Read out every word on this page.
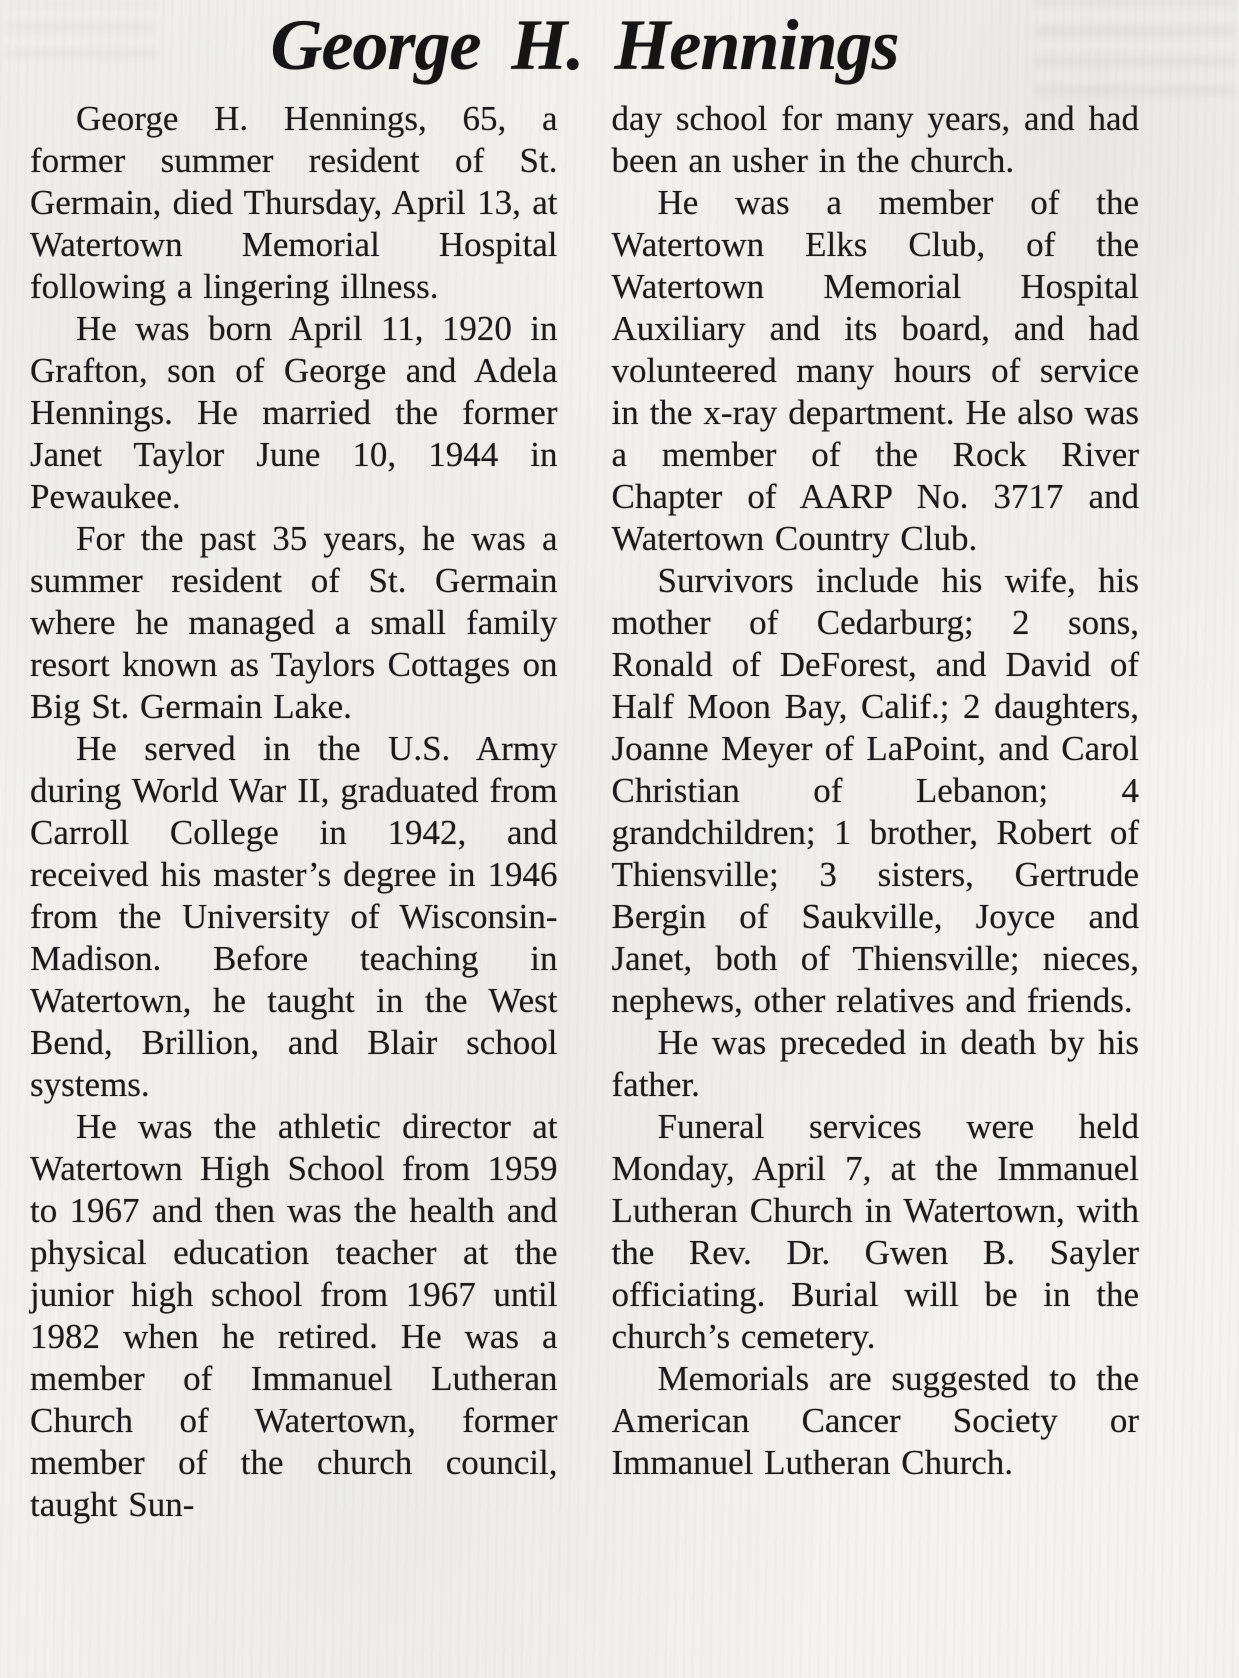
George H. Hennings

George H. Hennings, 65, a former summer resident of St. Germain, died Thursday, April 13, at Watertown Memorial Hospital following a lingering illness.

He was born April 11, 1920 in Grafton, son of George and Adela Hennings. He married the former Janet Taylor June 10, 1944 in Pewaukee.

For the past 35 years, he was a summer resident of St. Germain where he managed a small family resort known as Taylors Cottages on Big St. Germain Lake.

He served in the U.S. Army during World War II, graduated from Carroll College in 1942, and received his master’s degree in 1946 from the University of Wisconsin-Madison. Before teaching in Watertown, he taught in the West Bend, Brillion, and Blair school systems.

He was the athletic director at Watertown High School from 1959 to 1967 and then was the health and physical education teacher at the junior high school from 1967 until 1982 when he retired. He was a member of Immanuel Lutheran Church of Watertown, former member of the church council, taught Sun-

day school for many years, and had been an usher in the church.

He was a member of the Watertown Elks Club, of the Watertown Memorial Hospital Auxiliary and its board, and had volunteered many hours of service in the x-ray department. He also was a member of the Rock River Chapter of AARP No. 3717 and Watertown Country Club.

Survivors include his wife, his mother of Cedarburg; 2 sons, Ronald of DeForest, and David of Half Moon Bay, Calif.; 2 daughters, Joanne Meyer of LaPoint, and Carol Christian of Lebanon; 4 grandchildren; 1 brother, Robert of Thiensville; 3 sisters, Gertrude Bergin of Saukville, Joyce and Janet, both of Thiensville; nieces, nephews, other relatives and friends.

He was preceded in death by his father.

Funeral services were held Monday, April 7, at the Immanuel Lutheran Church in Watertown, with the Rev. Dr. Gwen B. Sayler officiating. Burial will be in the church’s cemetery.

Memorials are suggested to the American Cancer Society or Immanuel Lutheran Church.
